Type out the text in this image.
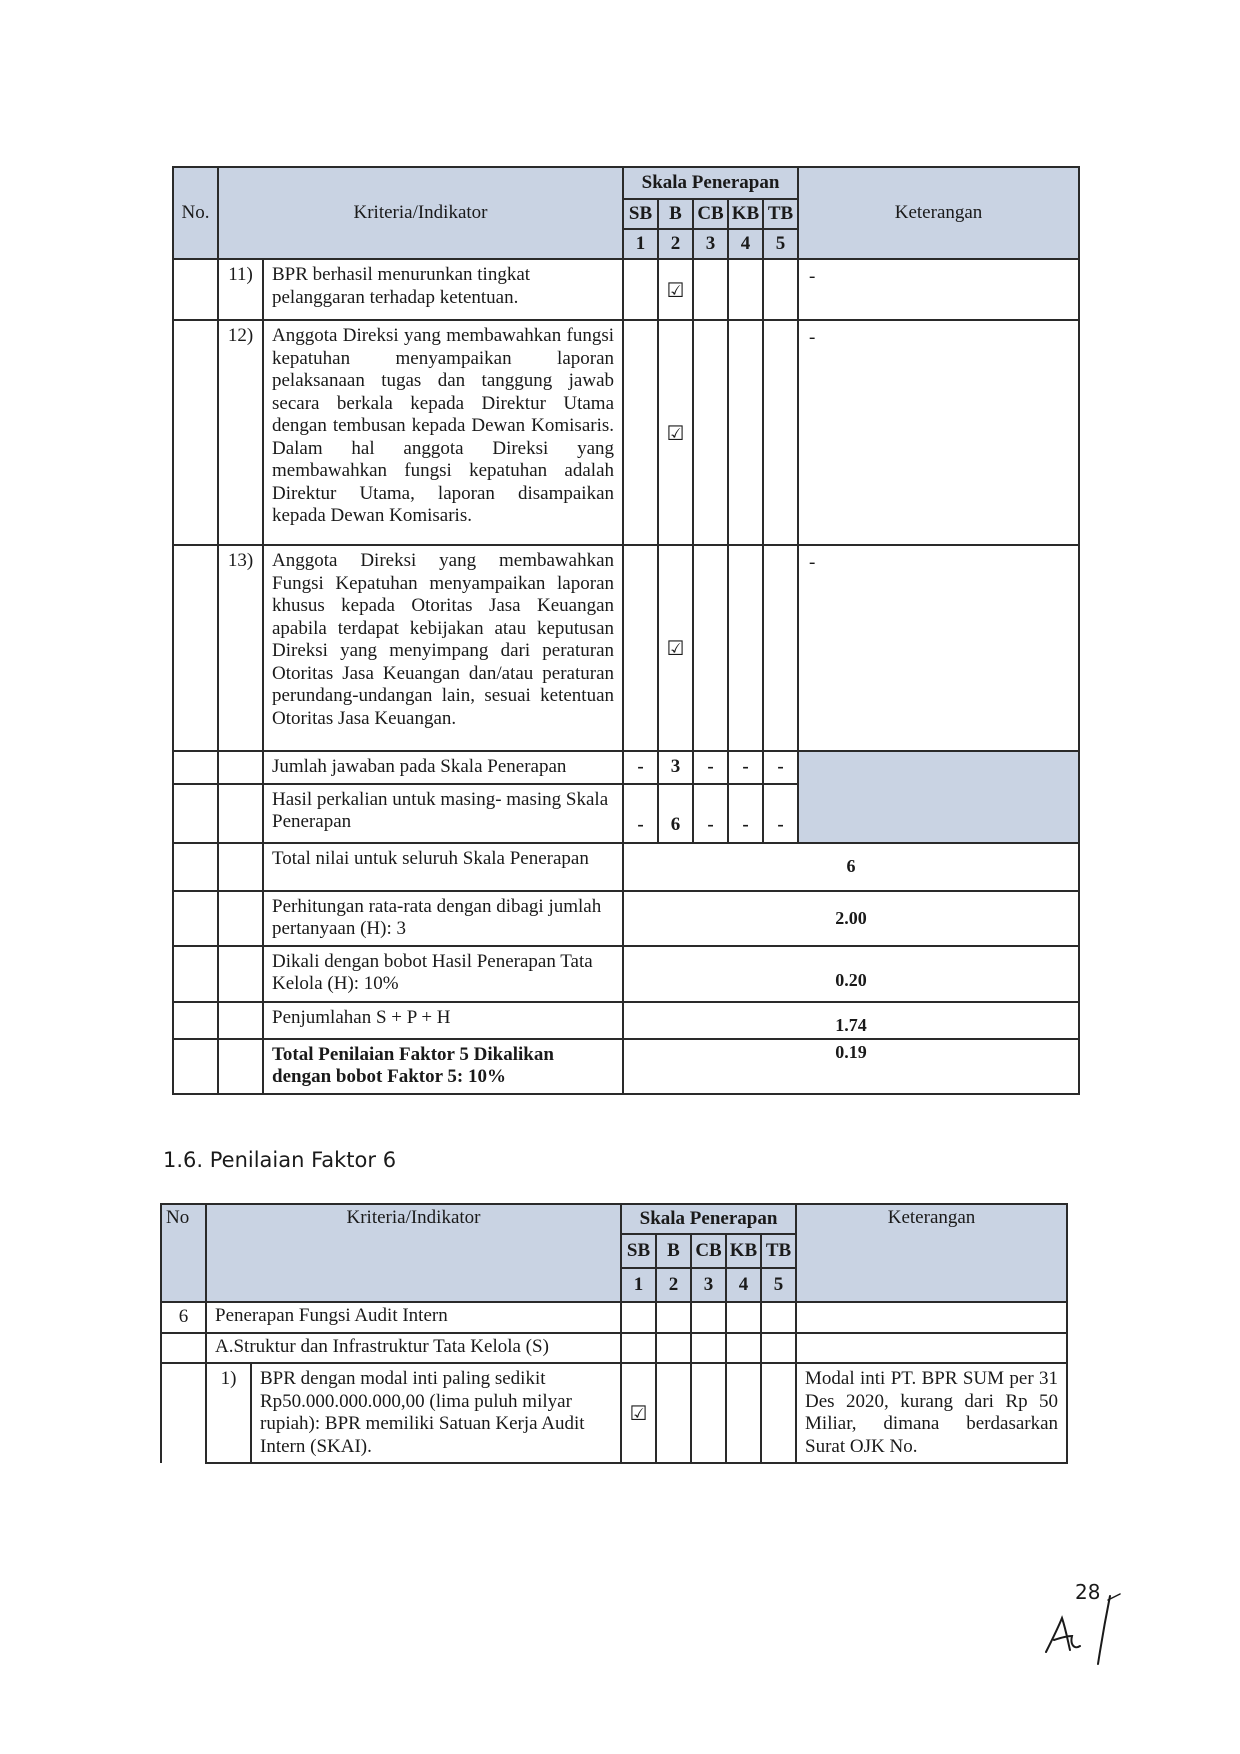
No.	Kriteria/Indikator		Skala Penerapan					Keterangan
			SB	B	CB	KB	TB	
			1	2	3	4	5	
	11)	BPR berhasil menurunkan tingkat pelanggaran terhadap ketentuan.		☑				-
	12)	Anggota Direksi yang membawahkan fungsi kepatuhan menyampaikan laporan pelaksanaan tugas dan tanggung jawab secara berkala kepada Direktur Utama dengan tembusan kepada Dewan Komisaris. Dalam hal anggota Direksi yang membawahkan fungsi kepatuhan adalah Direktur Utama, laporan disampaikan kepada Dewan Komisaris.		☑				-
	13)	Anggota Direksi yang membawahkan Fungsi Kepatuhan menyampaikan laporan khusus kepada Otoritas Jasa Keuangan apabila terdapat kebijakan atau keputusan Direksi yang menyimpang dari peraturan Otoritas Jasa Keuangan dan/atau peraturan perundang-undangan lain, sesuai ketentuan Otoritas Jasa Keuangan.		☑				-
		Jumlah jawaban pada Skala Penerapan	-	3	-	-	-	
		Hasil perkalian untuk masing- masing Skala Penerapan	-	6	-	-	-	
		Total nilai untuk seluruh Skala Penerapan	6					
		Perhitungan rata-rata dengan dibagi jumlah pertanyaan (H): 3	2.00					
		Dikali dengan bobot Hasil Penerapan Tata Kelola (H): 10%	0.20					
		Penjumlahan S + P + H	1.74					
		Total Penilaian Faktor 5 Dikalikan dengan bobot Faktor 5: 10%	0.19					
1.6. Penilaian Faktor 6
No	Kriteria/Indikator		Skala Penerapan					Keterangan
			SB	B	CB	KB	TB	
			1	2	3	4	5	
6	Penerapan Fungsi Audit Intern							
	A.Struktur dan Infrastruktur Tata Kelola (S)							
	1)	BPR dengan modal inti paling sedikit Rp50.000.000.000,00 (lima puluh milyar rupiah): BPR memiliki Satuan Kerja Audit Intern (SKAI).	☑					Modal inti PT. BPR SUM per 31 Des 2020, kurang dari Rp 50 Miliar, dimana berdasarkan Surat OJK No.
28
